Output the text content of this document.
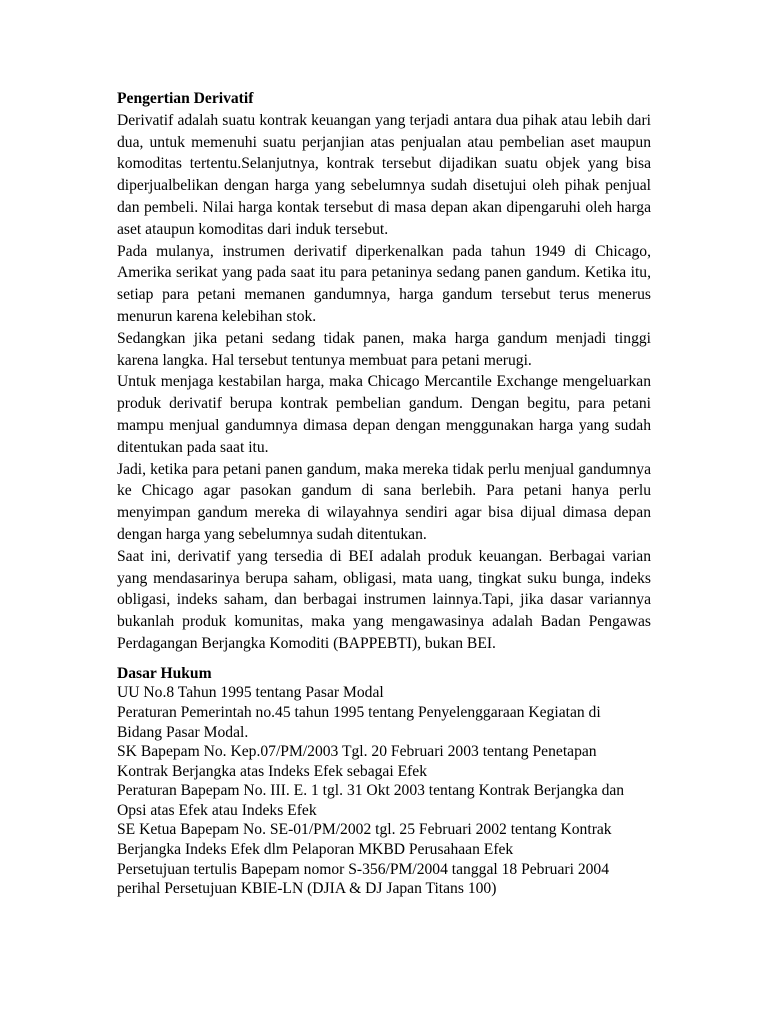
Pengertian Derivatif

Derivatif adalah suatu kontrak keuangan yang terjadi antara dua pihak atau lebih dari dua, untuk memenuhi suatu perjanjian atas penjualan atau pembelian aset maupun komoditas tertentu.Selanjutnya, kontrak tersebut dijadikan suatu objek yang bisa diperjualbelikan dengan harga yang sebelumnya sudah disetujui oleh pihak penjual dan pembeli. Nilai harga kontak tersebut di masa depan akan dipengaruhi oleh harga aset ataupun komoditas dari induk tersebut.

Pada mulanya, instrumen derivatif diperkenalkan pada tahun 1949 di Chicago, Amerika serikat yang pada saat itu para petaninya sedang panen gandum. Ketika itu, setiap para petani memanen gandumnya, harga gandum tersebut terus menerus menurun karena kelebihan stok.

Sedangkan jika petani sedang tidak panen, maka harga gandum menjadi tinggi karena langka. Hal tersebut tentunya membuat para petani merugi.

Untuk menjaga kestabilan harga, maka Chicago Mercantile Exchange mengeluarkan produk derivatif berupa kontrak pembelian gandum. Dengan begitu, para petani mampu menjual gandumnya dimasa depan dengan menggunakan harga yang sudah ditentukan pada saat itu.

Jadi, ketika para petani panen gandum, maka mereka tidak perlu menjual gandumnya ke Chicago agar pasokan gandum di sana berlebih. Para petani hanya perlu menyimpan gandum mereka di wilayahnya sendiri agar bisa dijual dimasa depan dengan harga yang sebelumnya sudah ditentukan.

Saat ini, derivatif yang tersedia di BEI adalah produk keuangan. Berbagai varian yang mendasarinya berupa saham, obligasi, mata uang, tingkat suku bunga, indeks obligasi, indeks saham, dan berbagai instrumen lainnya.Tapi, jika dasar variannya bukanlah produk komunitas, maka yang mengawasinya adalah Badan Pengawas Perdagangan Berjangka Komoditi (BAPPEBTI), bukan BEI.

Dasar Hukum

UU No.8 Tahun 1995 tentang Pasar Modal

Peraturan Pemerintah no.45 tahun 1995 tentang Penyelenggaraan Kegiatan di Bidang Pasar Modal.

SK Bapepam No. Kep.07/PM/2003 Tgl. 20 Februari 2003 tentang Penetapan Kontrak Berjangka atas Indeks Efek sebagai Efek

Peraturan Bapepam No. III. E. 1 tgl. 31 Okt 2003 tentang Kontrak Berjangka dan Opsi atas Efek atau Indeks Efek

SE Ketua Bapepam No. SE-01/PM/2002 tgl. 25 Februari 2002 tentang Kontrak Berjangka Indeks Efek dlm Pelaporan MKBD Perusahaan Efek

Persetujuan tertulis Bapepam nomor S-356/PM/2004 tanggal 18 Pebruari 2004 perihal Persetujuan KBIE-LN (DJIA & DJ Japan Titans 100)
